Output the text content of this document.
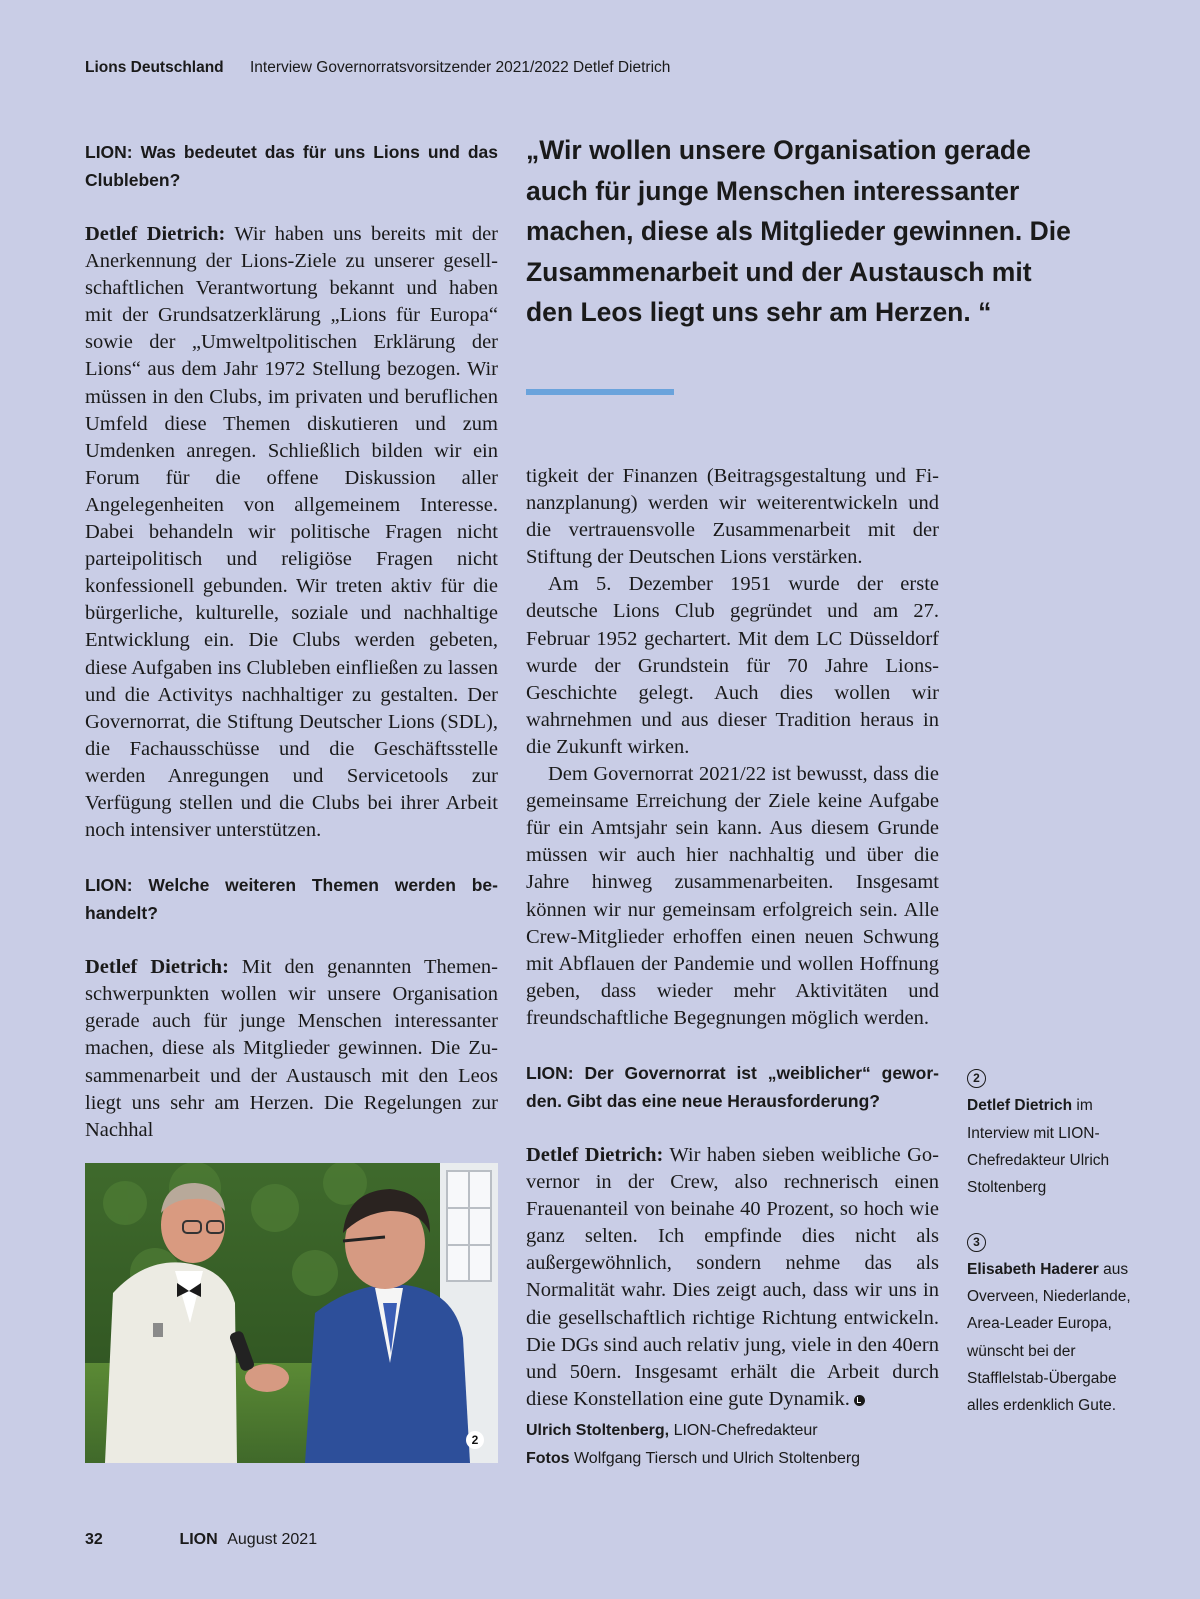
Lions Deutschland Interview Governorratsvorsitzender 2021/2022 Detlef Dietrich
LION: Was bedeutet das für uns Lions und das Clubleben?

Detlef Dietrich: Wir haben uns bereits mit der Anerkennung der Lions-Ziele zu unserer gesellschaftlichen Verantwortung bekannt und haben mit der Grundsatzerklärung „Lions für Europa“ sowie der „Umweltpolitischen Erklärung der Lions“ aus dem Jahr 1972 Stellung bezogen. Wir müssen in den Clubs, im privaten und beruflichen Umfeld diese Themen diskutieren und zum Umdenken anregen. Schließlich bilden wir ein Forum für die offene Diskussion aller Angelegenheiten von allgemeinem Interesse. Dabei behandeln wir politische Fragen nicht parteipolitisch und religiöse Fragen nicht konfessionell gebunden. Wir treten aktiv für die bürgerliche, kulturelle, soziale und nachhaltige Entwicklung ein. Die Clubs werden gebeten, diese Aufgaben ins Clubleben einfließen zu lassen und die Activitys nachhaltiger zu gestalten. Der Governorrat, die Stiftung Deutscher Lions (SDL), die Fachausschüsse und die Geschäftsstelle werden Anregungen und Servicetools zur Verfügung stellen und die Clubs bei ihrer Arbeit noch intensiver unterstützen.

LION: Welche weiteren Themen werden behandelt?

Detlef Dietrich: Mit den genannten Themenschwerpunkten wollen wir unsere Organisation gerade auch für junge Menschen interessanter machen, diese als Mitglieder gewinnen. Die Zusammenarbeit und der Austausch mit den Leos liegt uns sehr am Herzen. Die Regelungen zur Nachhal

„Wir wollen unsere Organisation gerade auch für junge Menschen interessanter machen, diese als Mitglieder gewinnen. Die Zusammenarbeit und der Austausch mit den Leos liegt uns sehr am Herzen. “

tigkeit der Finanzen (Beitragsgestaltung und Finanzplanung) werden wir weiterentwickeln und die vertrauensvolle Zusammenarbeit mit der Stiftung der Deutschen Lions verstärken.

Am 5. Dezember 1951 wurde der erste deutsche Lions Club gegründet und am 27. Februar 1952 gechartert. Mit dem LC Düsseldorf wurde der Grundstein für 70 Jahre Lions-Geschichte gelegt. Auch dies wollen wir wahrnehmen und aus dieser Tradition heraus in die Zukunft wirken.

Dem Governorrat 2021/22 ist bewusst, dass die gemeinsame Erreichung der Ziele keine Aufgabe für ein Amtsjahr sein kann. Aus diesem Grunde müssen wir auch hier nachhaltig und über die Jahre hinweg zusammenarbeiten. Insgesamt können wir nur gemeinsam erfolgreich sein. Alle Crew-Mitglieder erhoffen einen neuen Schwung mit Abflauen der Pandemie und wollen Hoffnung geben, dass wieder mehr Aktivitäten und freundschaftliche Begegnungen möglich werden.

LION: Der Governorrat ist „weiblicher“ geworden. Gibt das eine neue Herausforderung?

Detlef Dietrich: Wir haben sieben weibliche Governor in der Crew, also rechnerisch einen Frauenanteil von beinahe 40 Prozent, so hoch wie ganz selten. Ich empfinde dies nicht als außergewöhnlich, sondern nehme das als Normalität wahr. Dies zeigt auch, dass wir uns in die gesellschaftlich richtige Richtung entwickeln. Die DGs sind auch relativ jung, viele in den 40ern und 50ern. Insgesamt erhält die Arbeit durch diese Konstellation eine gute Dynamik.

2
Ulrich Stoltenberg, LION-Chefredakteur
Fotos Wolfgang Tiersch und Ulrich Stoltenberg
2
Detlef Dietrich im Interview mit LION-Chefredakteur Ulrich Stoltenberg
3
Elisabeth Haderer aus Overveen, Niederlande, Area-Leader Europa, wünscht bei der Stafflelstab-Übergabe alles erdenklich Gute.
32	LION August 2021
